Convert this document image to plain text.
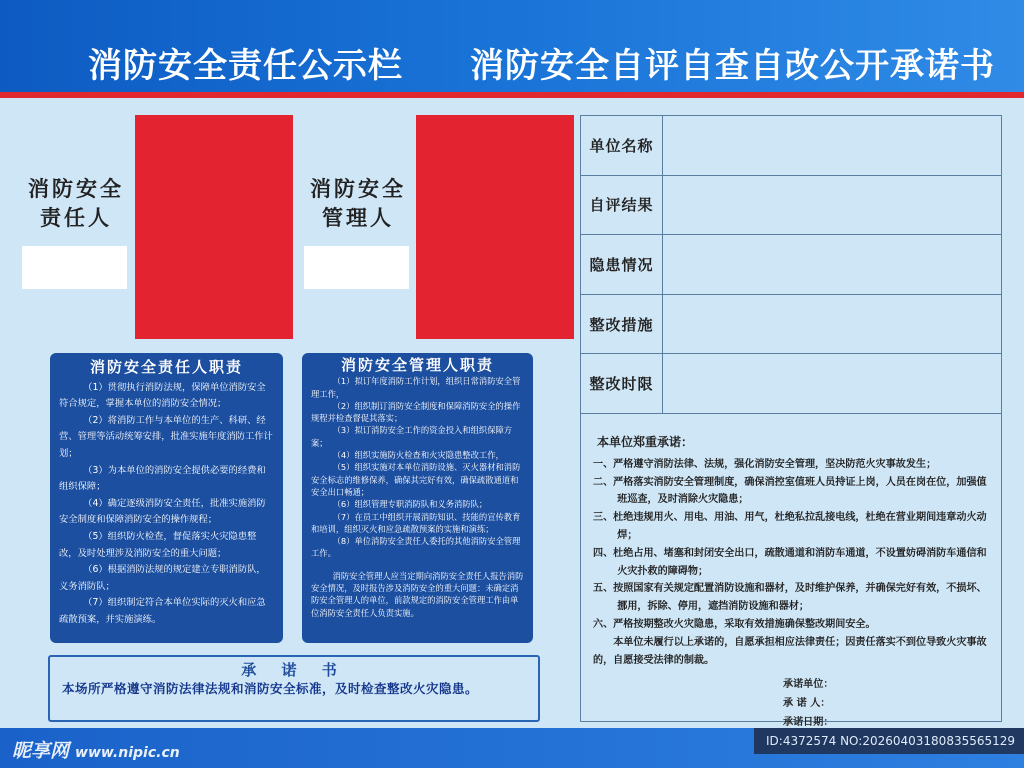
消防安全责任公示栏 消防安全自评自查自改公开承诺书
消防安全
责任人
消防安全
管理人
消防安全责任人职责

（1）贯彻执行消防法规，保障单位消防安全符合规定，掌握本单位的消防安全情况；

（2）将消防工作与本单位的生产、科研、经营、管理等活动统筹安排，批准实施年度消防工作计划；

（3）为本单位的消防安全提供必要的经费和组织保障；

（4）确定逐级消防安全责任，批准实施消防安全制度和保障消防安全的操作规程；

（5）组织防火检查，督促落实火灾隐患整改，及时处理涉及消防安全的重大问题；

（6）根据消防法规的规定建立专职消防队，义务消防队；

（7）组织制定符合本单位实际的灭火和应急疏散预案，并实施演练。

消防安全管理人职责

（1）拟订年度消防工作计划，组织日常消防安全管理工作，

（2）组织制订消防安全制度和保障消防安全的操作规程并检查督促其落实；

（3）拟订消防安全工作的资金投入和组织保障方案；

（4）组织实施防火检查和火灾隐患整改工作，

（5）组织实施对本单位消防设施、灭火器材和消防安全标志的维修保养，确保其完好有效，确保疏散通道和安全出口畅通；

（6）组织管理专职消防队和义务消防队；

（7）在员工中组织开展消防知识、技能的宣传教育和培训，组织灭火和应急疏散预案的实施和演练；

（8）单位消防安全责任人委托的其他消防安全管理工作。

消防安全管理人应当定期向消防安全责任人报告消防安全情况，及时报告涉及消防安全的重大问题：未确定消防安全管理人的单位，前款规定的消防安全管理工作由单位消防安全责任人负责实施。

单位名称
自评结果
隐患情况
整改措施
整改时限
本单位郑重承诺：
一、严格遵守消防法律、法规，强化消防安全管理，坚决防范火灾事故发生；
二、严格落实消防安全管理制度，确保消控室值班人员持证上岗，人员在岗在位，加强值班巡查，及时消除火灾隐患；
三、杜绝违规用火、用电、用油、用气，杜绝私拉乱接电线，杜绝在营业期间违章动火动焊；
四、杜绝占用、堵塞和封闭安全出口，疏散通道和消防车通道，不设置妨碍消防车通信和火灾扑救的障碍物；
五、按照国家有关规定配置消防设施和器材，及时维护保养，并确保完好有效，不损坏、挪用，拆除、停用，遮挡消防设施和器材；
六、严格按期整改火灾隐患，采取有效措施确保整改期间安全。
本单位未履行以上承诺的，自愿承担相应法律责任；因责任落实不到位导致火灾事故的，自愿接受法律的制裁。
承诺单位：
承 诺 人：
承诺日期：
承 诺 书

本场所严格遵守消防法律法规和消防安全标准，及时检查整改火灾隐患。

昵享网 www.nipic.cn
ID:4372574 NO:20260403180835565129
